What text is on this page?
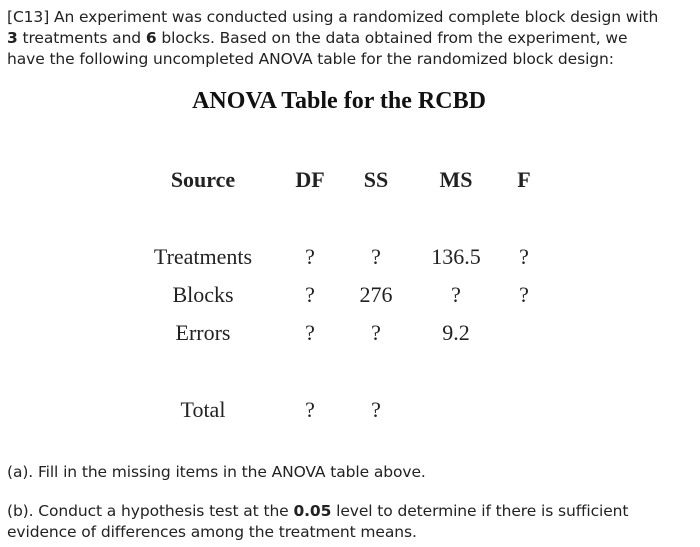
[C13] An experiment was conducted using a randomized complete block design with
3 treatments and 6 blocks. Based on the data obtained from the experiment, we
have the following uncompleted ANOVA table for the randomized block design:
ANOVA Table for the RCBD
Source	DF SS MS F
Treatments ?	? 136.5 ?
Blocks	? 276	?	?
Errors	?	?	9.2
Total	?	?
(a). Fill in the missing items in the ANOVA table above.
(b). Conduct a hypothesis test at the 0.05 level to determine if there is sufficient
evidence of differences among the treatment means.
